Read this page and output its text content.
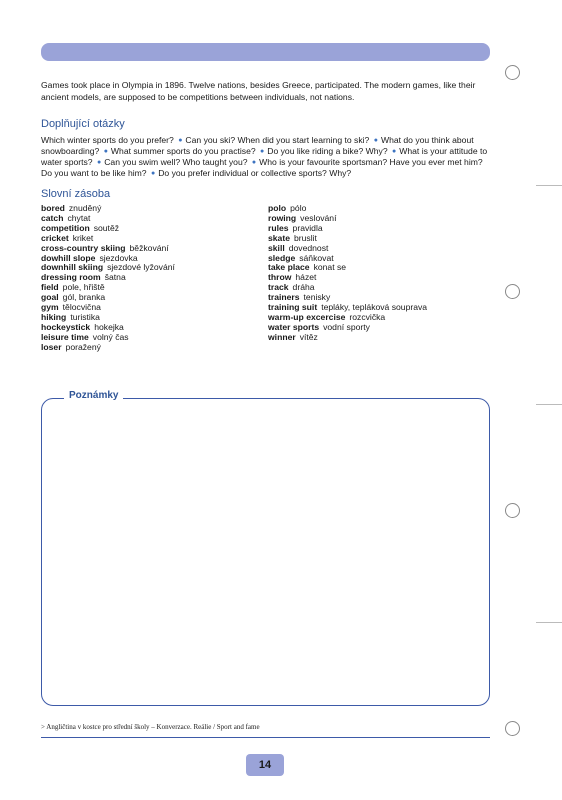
Games took place in Olympia in 1896. Twelve nations, besides Greece, participated. The modern games, like their ancient models, are supposed to be competitions between individuals, not nations.

Doplňující otázky

Which winter sports do you prefer? ● Can you ski? When did you start learning to ski? ● What do you think about snowboarding? ● What summer sports do you practise? ● Do you like riding a bike? Why? ● What is your attitude to water sports? ● Can you swim well? Who taught you? ● Who is your favourite sportsman? Have you ever met him? Do you want to be like him? ● Do you prefer individual or collective sports? Why?

Slovní zásoba
bored znuděný
catch chytat
competition soutěž
cricket kriket
cross-country skiing běžkování
dowhill slope sjezdovka
downhill skiing sjezdové lyžování
dressing room šatna
field pole, hřiště
goal gól, branka
gym tělocvična
hiking turistika
hockeystick hokejka
leisure time volný čas
loser poražený
polo pólo
rowing veslování
rules pravidla
skate bruslit
skill dovednost
sledge sáňkovat
take place konat se
throw házet
track dráha
trainers tenisky
training suit tepláky, tepláková souprava
warm-up excercise rozcvička
water sports vodní sporty
winner vítěz
Poznámky
> Angličtina v kostce pro střední školy – Konverzace. Reálie / Sport and fame
14
